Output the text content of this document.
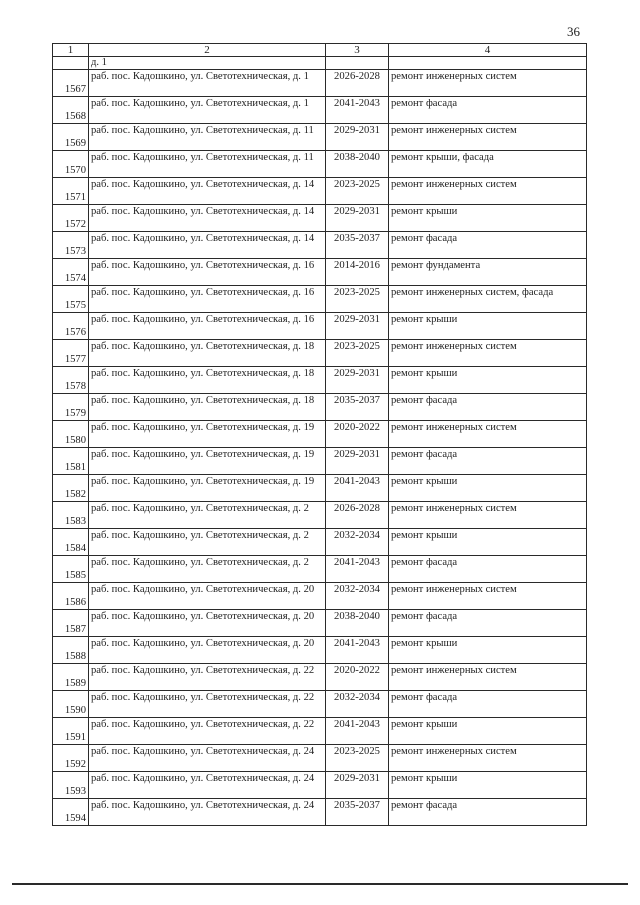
36
1	2	3	4
	д. 1		
1567	раб. пос. Кадошкино, ул. Светотехническая, д. 1	2026-2028	ремонт инженерных систем
1568	раб. пос. Кадошкино, ул. Светотехническая, д. 1	2041-2043	ремонт фасада
1569	раб. пос. Кадошкино, ул. Светотехническая, д. 11	2029-2031	ремонт инженерных систем
1570	раб. пос. Кадошкино, ул. Светотехническая, д. 11	2038-2040	ремонт крыши, фасада
1571	раб. пос. Кадошкино, ул. Светотехническая, д. 14	2023-2025	ремонт инженерных систем
1572	раб. пос. Кадошкино, ул. Светотехническая, д. 14	2029-2031	ремонт крыши
1573	раб. пос. Кадошкино, ул. Светотехническая, д. 14	2035-2037	ремонт фасада
1574	раб. пос. Кадошкино, ул. Светотехническая, д. 16	2014-2016	ремонт фундамента
1575	раб. пос. Кадошкино, ул. Светотехническая, д. 16	2023-2025	ремонт инженерных систем, фасада
1576	раб. пос. Кадошкино, ул. Светотехническая, д. 16	2029-2031	ремонт крыши
1577	раб. пос. Кадошкино, ул. Светотехническая, д. 18	2023-2025	ремонт инженерных систем
1578	раб. пос. Кадошкино, ул. Светотехническая, д. 18	2029-2031	ремонт крыши
1579	раб. пос. Кадошкино, ул. Светотехническая, д. 18	2035-2037	ремонт фасада
1580	раб. пос. Кадошкино, ул. Светотехническая, д. 19	2020-2022	ремонт инженерных систем
1581	раб. пос. Кадошкино, ул. Светотехническая, д. 19	2029-2031	ремонт фасада
1582	раб. пос. Кадошкино, ул. Светотехническая, д. 19	2041-2043	ремонт крыши
1583	раб. пос. Кадошкино, ул. Светотехническая, д. 2	2026-2028	ремонт инженерных систем
1584	раб. пос. Кадошкино, ул. Светотехническая, д. 2	2032-2034	ремонт крыши
1585	раб. пос. Кадошкино, ул. Светотехническая, д. 2	2041-2043	ремонт фасада
1586	раб. пос. Кадошкино, ул. Светотехническая, д. 20	2032-2034	ремонт инженерных систем
1587	раб. пос. Кадошкино, ул. Светотехническая, д. 20	2038-2040	ремонт фасада
1588	раб. пос. Кадошкино, ул. Светотехническая, д. 20	2041-2043	ремонт крыши
1589	раб. пос. Кадошкино, ул. Светотехническая, д. 22	2020-2022	ремонт инженерных систем
1590	раб. пос. Кадошкино, ул. Светотехническая, д. 22	2032-2034	ремонт фасада
1591	раб. пос. Кадошкино, ул. Светотехническая, д. 22	2041-2043	ремонт крыши
1592	раб. пос. Кадошкино, ул. Светотехническая, д. 24	2023-2025	ремонт инженерных систем
1593	раб. пос. Кадошкино, ул. Светотехническая, д. 24	2029-2031	ремонт крыши
1594	раб. пос. Кадошкино, ул. Светотехническая, д. 24	2035-2037	ремонт фасада
